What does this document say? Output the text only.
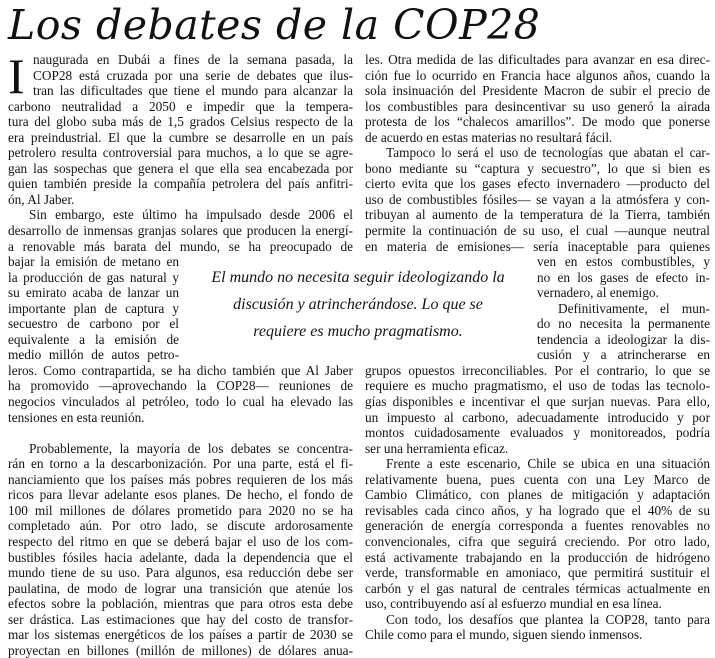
Los debates de la COP28
I naugurada en Dubái a fines de la semana pasada, la
COP28 está cruzada por una serie de debates que ilus-
tran las dificultades que tiene el mundo para alcanzar la
carbono neutralidad a 2050 e impedir que la tempera-
tura del globo suba más de 1,5 grados Celsius respecto de la
era preindustrial. El que la cumbre se desarrolle en un país
petrolero resulta controversial para muchos, a lo que se agre-
gan las sospechas que genera el que ella sea encabezada por
quien también preside la compañía petrolera del país anfitri-
ón, Al Jaber.
Sin embargo, este último ha impulsado desde 2006 el
desarrollo de inmensas granjas solares que producen la energí-
a renovable más barata del mundo, se ha preocupado de
bajar la emisión de metano en
la producción de gas natural y
su emirato acaba de lanzar un
importante plan de captura y
secuestro de carbono por el
equivalente a la emisión de
medio millón de autos petro-
leros. Como contrapartida, se ha dicho también que Al Jaber
ha promovido —aprovechando la COP28— reuniones de
negocios vinculados al petróleo, todo lo cual ha elevado las
tensiones en esta reunión.
Probablemente, la mayoría de los debates se concentra-
rán en torno a la descarbonización. Por una parte, está el fi-
nanciamiento que los países más pobres requieren de los más
ricos para llevar adelante esos planes. De hecho, el fondo de
100 mil millones de dólares prometido para 2020 no se ha
completado aún. Por otro lado, se discute ardorosamente
respecto del ritmo en que se deberá bajar el uso de los com-
bustibles fósiles hacia adelante, dada la dependencia que el
mundo tiene de su uso. Para algunos, esa reducción debe ser
paulatina, de modo de lograr una transición que atenúe los
efectos sobre la población, mientras que para otros esta debe
ser drástica. Las estimaciones que hay del costo de transfor-
mar los sistemas energéticos de los países a partir de 2030 se
proyectan en billones (millón de millones) de dólares anua-
les. Otra medida de las dificultades para avanzar en esa direc-
ción fue lo ocurrido en Francia hace algunos años, cuando la
sola insinuación del Presidente Macron de subir el precio de
los combustibles para desincentivar su uso generó la airada
protesta de los “chalecos amarillos”. De modo que ponerse
de acuerdo en estas materias no resultará fácil.
Tampoco lo será el uso de tecnologías que abatan el car-
bono mediante su “captura y secuestro”, lo que si bien es
cierto evita que los gases efecto invernadero —producto del
uso de combustibles fósiles— se vayan a la atmósfera y con-
tribuyan al aumento de la temperatura de la Tierra, también
permite la continuación de su uso, el cual —aunque neutral
en materia de emisiones— sería inaceptable para quienes
ven en estos combustibles, y
no en los gases de efecto in-
vernadero, al enemigo.
Definitivamente, el mun-
do no necesita la permanente
tendencia a ideologizar la dis-
cusión y a atrincherarse en
grupos opuestos irreconciliables. Por el contrario, lo que se
requiere es mucho pragmatismo, el uso de todas las tecnolo-
gías disponibles e incentivar el que surjan nuevas. Para ello,
un impuesto al carbono, adecuadamente introducido y por
montos cuidadosamente evaluados y monitoreados, podría
ser una herramienta eficaz.
Frente a este escenario, Chile se ubica en una situación
relativamente buena, pues cuenta con una Ley Marco de
Cambio Climático, con planes de mitigación y adaptación
revisables cada cinco años, y ha logrado que el 40% de su
generación de energía corresponda a fuentes renovables no
convencionales, cifra que seguirá creciendo. Por otro lado,
está activamente trabajando en la producción de hidrógeno
verde, transformable en amoniaco, que permitirá sustituir el
carbón y el gas natural de centrales térmicas actualmente en
uso, contribuyendo así al esfuerzo mundial en esa línea.
Con todo, los desafíos que plantea la COP28, tanto para
Chile como para el mundo, siguen siendo inmensos.
El mundo no necesita seguir ideologizando la
discusión y atrincherándose. Lo que se
requiere es mucho pragmatismo.
